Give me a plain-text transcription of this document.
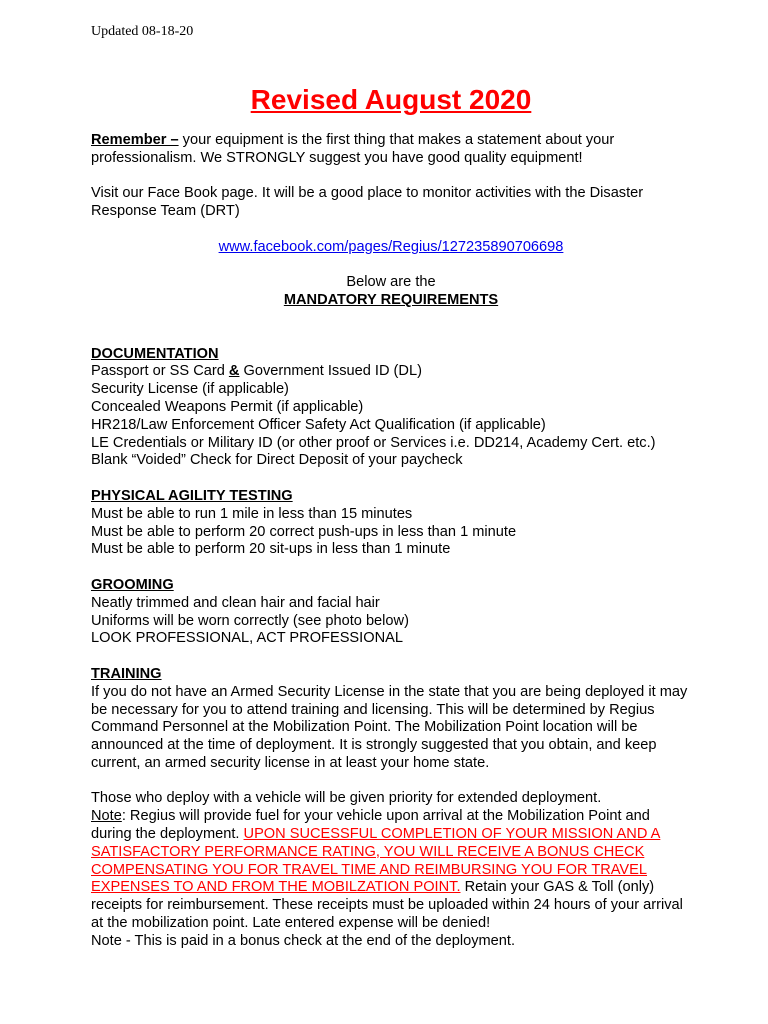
Updated 08-18-20
Revised August 2020

Remember – your equipment is the first thing that makes a statement about your professionalism. We STRONGLY suggest you have good quality equipment!

Visit our Face Book page. It will be a good place to monitor activities with the Disaster Response Team (DRT)

www.facebook.com/pages/Regius/127235890706698

Below are the

MANDATORY REQUIREMENTS

DOCUMENTATION

Passport or SS Card & Government Issued ID (DL)

Security License (if applicable)

Concealed Weapons Permit (if applicable)

HR218/Law Enforcement Officer Safety Act Qualification (if applicable)

LE Credentials or Military ID (or other proof or Services i.e. DD214, Academy Cert. etc.)

Blank “Voided” Check for Direct Deposit of your paycheck

PHYSICAL AGILITY TESTING

Must be able to run 1 mile in less than 15 minutes

Must be able to perform 20 correct push-ups in less than 1 minute

Must be able to perform 20 sit-ups in less than 1 minute

GROOMING

Neatly trimmed and clean hair and facial hair

Uniforms will be worn correctly (see photo below)

LOOK PROFESSIONAL, ACT PROFESSIONAL

TRAINING

If you do not have an Armed Security License in the state that you are being deployed it may be necessary for you to attend training and licensing. This will be determined by Regius Command Personnel at the Mobilization Point. The Mobilization Point location will be announced at the time of deployment. It is strongly suggested that you obtain, and keep current, an armed security license in at least your home state.

Those who deploy with a vehicle will be given priority for extended deployment.

Note: Regius will provide fuel for your vehicle upon arrival at the Mobilization Point and during the deployment. UPON SUCESSFUL COMPLETION OF YOUR MISSION AND A SATISFACTORY PERFORMANCE RATING, YOU WILL RECEIVE A BONUS CHECK COMPENSATING YOU FOR TRAVEL TIME AND REIMBURSING YOU FOR TRAVEL EXPENSES TO AND FROM THE MOBILZATION POINT. Retain your GAS & Toll (only) receipts for reimbursement. These receipts must be uploaded within 24 hours of your arrival at the mobilization point. Late entered expense will be denied!

Note - This is paid in a bonus check at the end of the deployment.
